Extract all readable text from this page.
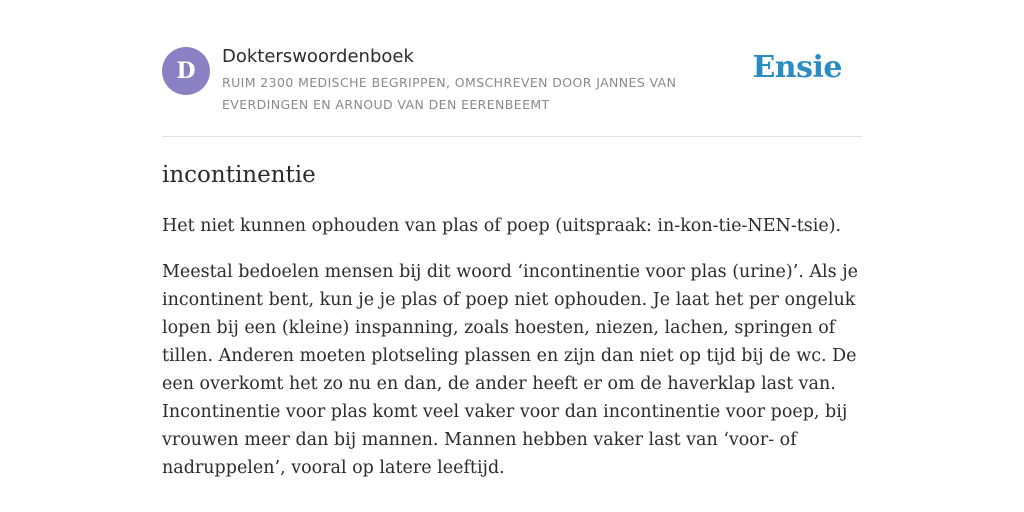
D
Dokterswoordenboek
RUIM 2300 MEDISCHE BEGRIPPEN, OMSCHREVEN DOOR JANNES VAN EVERDINGEN EN ARNOUD VAN DEN EERENBEEMT
Ensie
incontinentie

Het niet kunnen ophouden van plas of poep (uitspraak: in-kon-tie-NEN-tsie).

Meestal bedoelen mensen bij dit woord ‘incontinentie voor plas (urine)’. Als je incontinent bent, kun je je plas of poep niet ophouden. Je laat het per ongeluk lopen bij een (kleine) inspanning, zoals hoesten, niezen, lachen, springen of tillen. Anderen moeten plotseling plassen en zijn dan niet op tijd bij de wc. De een overkomt het zo nu en dan, de ander heeft er om de haverklap last van. Incontinentie voor plas komt veel vaker voor dan incontinentie voor poep, bij vrouwen meer dan bij mannen. Mannen hebben vaker last van ‘voor- of nadruppelen’, vooral op latere leeftijd.
